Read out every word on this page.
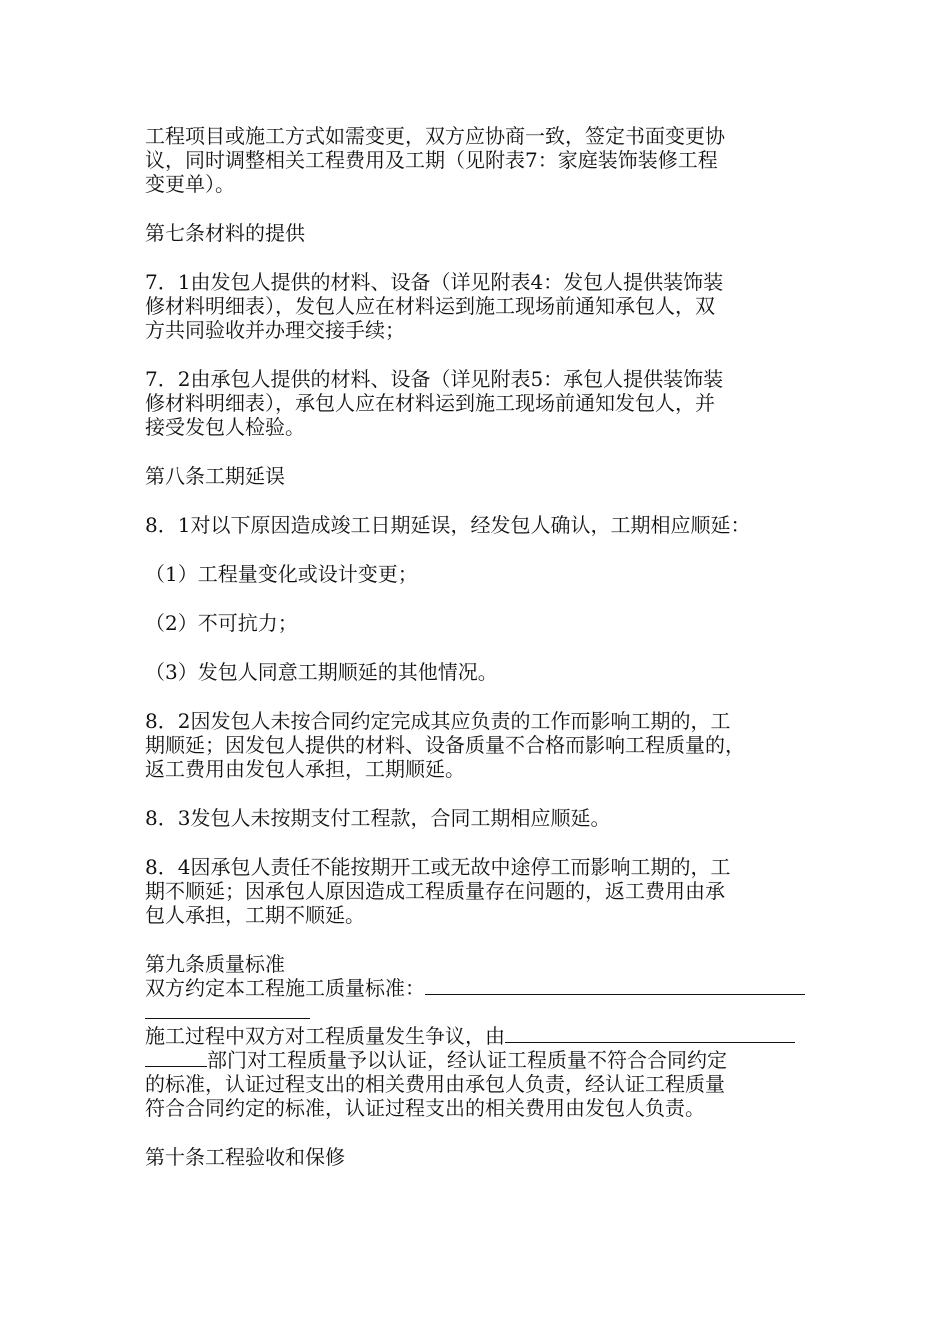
工程项目或施工方式如需变更，双方应协商一致，签定书面变更协
议，同时调整相关工程费用及工期（见附表7：家庭装饰装修工程
变更单）。
第七条材料的提供
7．1由发包人提供的材料、设备（详见附表4：发包人提供装饰装
修材料明细表），发包人应在材料运到施工现场前通知承包人，双
方共同验收并办理交接手续；
7．2由承包人提供的材料、设备（详见附表5：承包人提供装饰装
修材料明细表），承包人应在材料运到施工现场前通知发包人，并
接受发包人检验。
第八条工期延误
8．1对以下原因造成竣工日期延误，经发包人确认，工期相应顺延：
（1）工程量变化或设计变更；
（2）不可抗力；
（3）发包人同意工期顺延的其他情况。
8．2因发包人未按合同约定完成其应负责的工作而影响工期的，工
期顺延；因发包人提供的材料、设备质量不合格而影响工程质量的，
返工费用由发包人承担，工期顺延。
8．3发包人未按期支付工程款，合同工期相应顺延。
8．4因承包人责任不能按期开工或无故中途停工而影响工期的，工
期不顺延；因承包人原因造成工程质量存在问题的，返工费用由承
包人承担，工期不顺延。
第九条质量标准
双方约定本工程施工质量标准：
施工过程中双方对工程质量发生争议，由
部门对工程质量予以认证，经认证工程质量不符合合同约定
的标准，认证过程支出的相关费用由承包人负责，经认证工程质量
符合合同约定的标准，认证过程支出的相关费用由发包人负责。
第十条工程验收和保修
